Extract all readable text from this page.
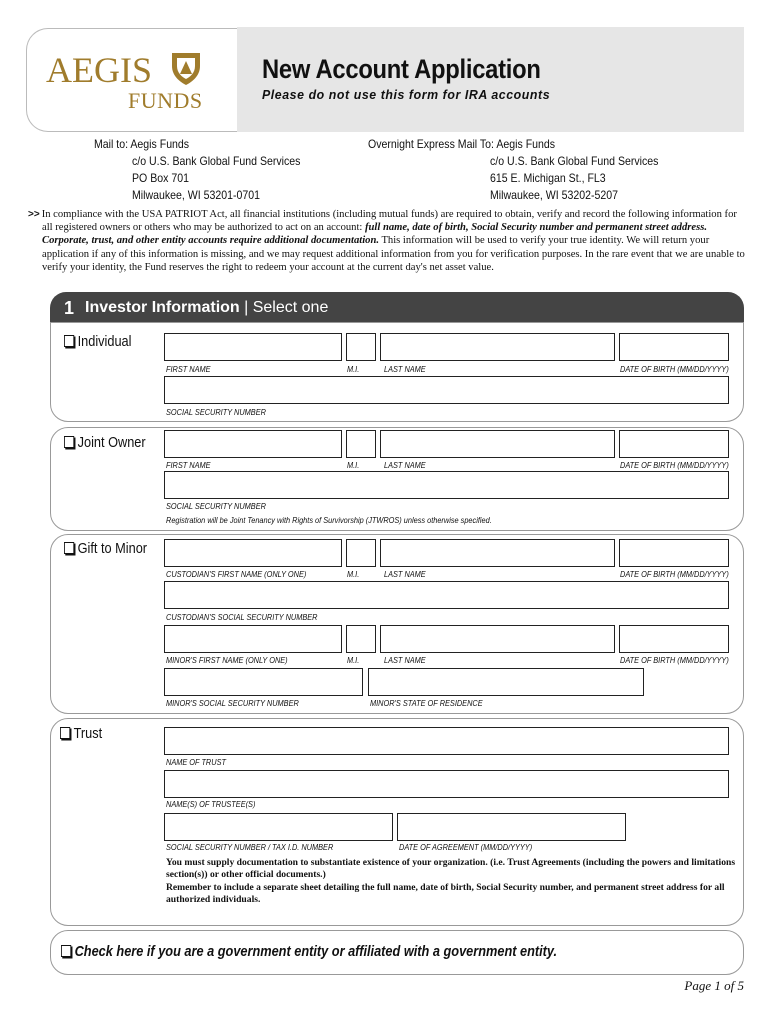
AEGIS
FUNDS
New Account Application
Please do not use this form for IRA accounts
Mail to: Aegis Funds
c/o U.S. Bank Global Fund Services
PO Box 701
Milwaukee, WI 53201-0701
Overnight Express Mail To: Aegis Funds
c/o U.S. Bank Global Fund Services
615 E. Michigan St., FL3
Milwaukee, WI 53202-5207
>> In compliance with the USA PATRIOT Act, all financial institutions (including mutual funds) are required to obtain, verify and record the following information for all registered owners or others who may be authorized to act on an account: full name, date of birth, Social Security number and permanent street address. Corporate, trust, and other entity accounts require additional documentation. This information will be used to verify your true identity. We will return your application if any of this information is missing, and we may request additional information from you for verification purposes. In the rare event that we are unable to verify your identity, the Fund reserves the right to redeem your account at the current day's net asset value.
1 Investor Information | Select one
Individual
FIRST NAME	M.I.	LAST NAME	DATE OF BIRTH (MM/DD/YYYY)
SOCIAL SECURITY NUMBER
Joint Owner
FIRST NAME	M.I.	LAST NAME	DATE OF BIRTH (MM/DD/YYYY)
SOCIAL SECURITY NUMBER
Registration will be Joint Tenancy with Rights of Survivorship (JTWROS) unless otherwise specified.
Gift to Minor
CUSTODIAN'S FIRST NAME (ONLY ONE)	M.I.	LAST NAME	DATE OF BIRTH (MM/DD/YYYY)
CUSTODIAN'S SOCIAL SECURITY NUMBER
MINOR'S FIRST NAME (ONLY ONE)	M.I.	LAST NAME	DATE OF BIRTH (MM/DD/YYYY)
MINOR'S SOCIAL SECURITY NUMBER	MINOR'S STATE OF RESIDENCE
Trust
NAME OF TRUST
NAME(S) OF TRUSTEE(S)
SOCIAL SECURITY NUMBER / TAX I.D. NUMBER	DATE OF AGREEMENT (MM/DD/YYYY)
You must supply documentation to substantiate existence of your organization. (i.e. Trust Agreements (including the powers and limitations section(s)) or other official documents.)
Remember to include a separate sheet detailing the full name, date of birth, Social Security number, and permanent street address for all authorized individuals.
Check here if you are a government entity or affiliated with a government entity.
Page 1 of 5
